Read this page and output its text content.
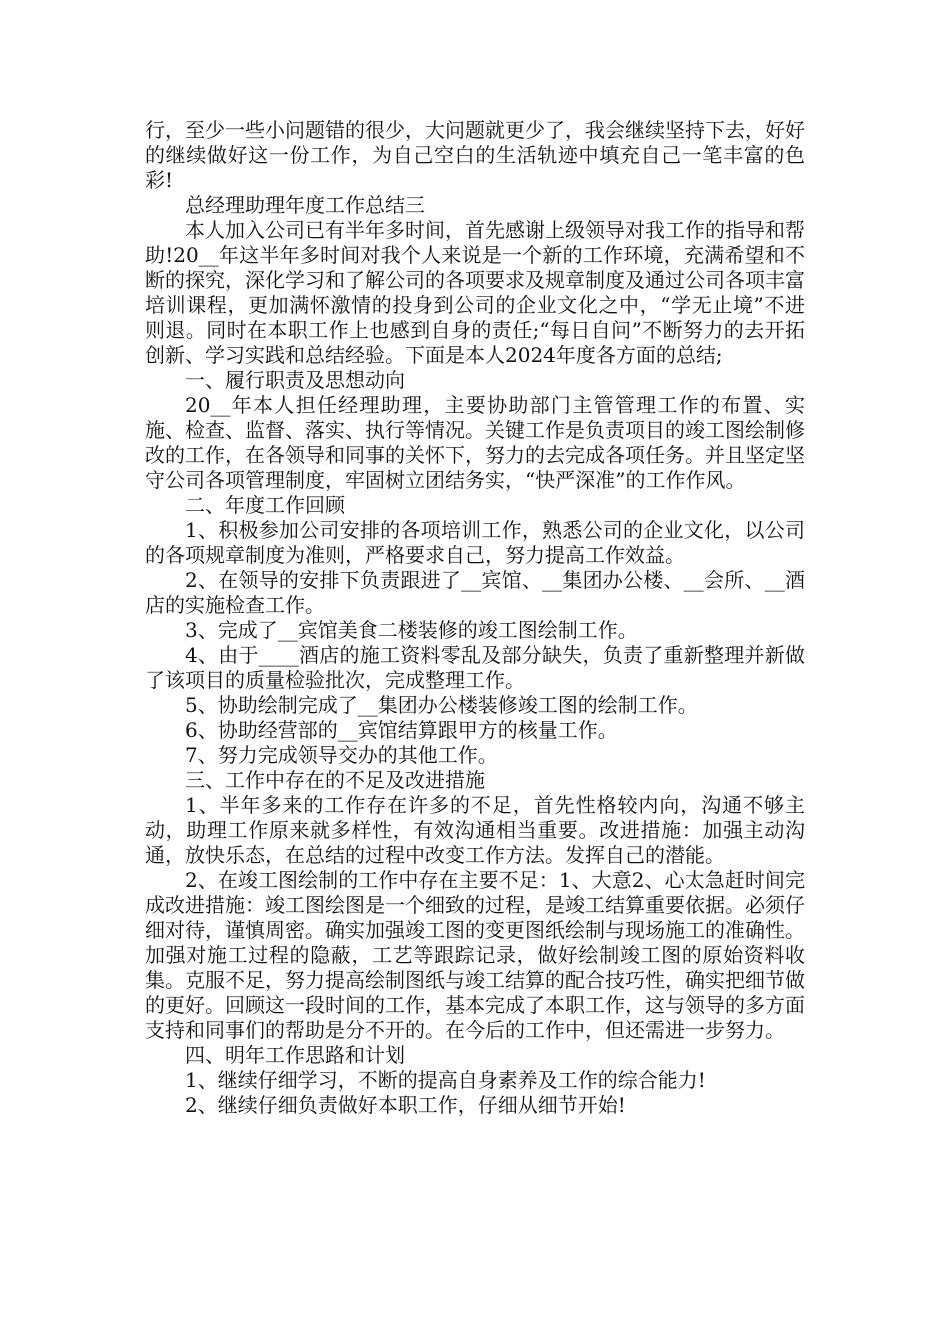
行，至少一些小问题错的很少，大问题就更少了，我会继续坚持下去，好好的继续做好这一份工作，为自己空白的生活轨迹中填充自己一笔丰富的色彩!

总经理助理年度工作总结三

本人加入公司已有半年多时间，首先感谢上级领导对我工作的指导和帮助!20__年这半年多时间对我个人来说是一个新的工作环境，充满希望和不断的探究，深化学习和了解公司的各项要求及规章制度及通过公司各项丰富培训课程，更加满怀激情的投身到公司的企业文化之中，“学无止境”不进则退。同时在本职工作上也感到自身的责任;“每日自问”不断努力的去开拓创新、学习实践和总结经验。下面是本人2024年度各方面的总结;

一、履行职责及思想动向

20__年本人担任经理助理，主要协助部门主管管理工作的布置、实施、检查、监督、落实、执行等情况。关键工作是负责项目的竣工图绘制修改的工作，在各领导和同事的关怀下，努力的去完成各项任务。并且坚定坚守公司各项管理制度，牢固树立团结务实，“快严深准”的工作作风。

二、年度工作回顾

1、积极参加公司安排的各项培训工作，熟悉公司的企业文化，以公司的各项规章制度为准则，严格要求自己，努力提高工作效益。

2、在领导的安排下负责跟进了__宾馆、__集团办公楼、__会所、__酒店的实施检查工作。

3、完成了__宾馆美食二楼装修的竣工图绘制工作。

4、由于____酒店的施工资料零乱及部分缺失，负责了重新整理并新做了该项目的质量检验批次，完成整理工作。

5、协助绘制完成了__集团办公楼装修竣工图的绘制工作。

6、协助经营部的__宾馆结算跟甲方的核量工作。

7、努力完成领导交办的其他工作。

三、工作中存在的不足及改进措施

1、半年多来的工作存在许多的不足，首先性格较内向，沟通不够主动，助理工作原来就多样性，有效沟通相当重要。改进措施：加强主动沟通，放快乐态，在总结的过程中改变工作方法。发挥自己的潜能。

2、在竣工图绘制的工作中存在主要不足：1、大意2、心太急赶时间完成改进措施：竣工图绘图是一个细致的过程，是竣工结算重要依据。必须仔细对待，谨慎周密。确实加强竣工图的变更图纸绘制与现场施工的准确性。加强对施工过程的隐蔽，工艺等跟踪记录，做好绘制竣工图的原始资料收集。克服不足，努力提高绘制图纸与竣工结算的配合技巧性，确实把细节做的更好。回顾这一段时间的工作，基本完成了本职工作，这与领导的多方面支持和同事们的帮助是分不开的。在今后的工作中，但还需进一步努力。

四、明年工作思路和计划

1、继续仔细学习，不断的提高自身素养及工作的综合能力!

2、继续仔细负责做好本职工作，仔细从细节开始!
